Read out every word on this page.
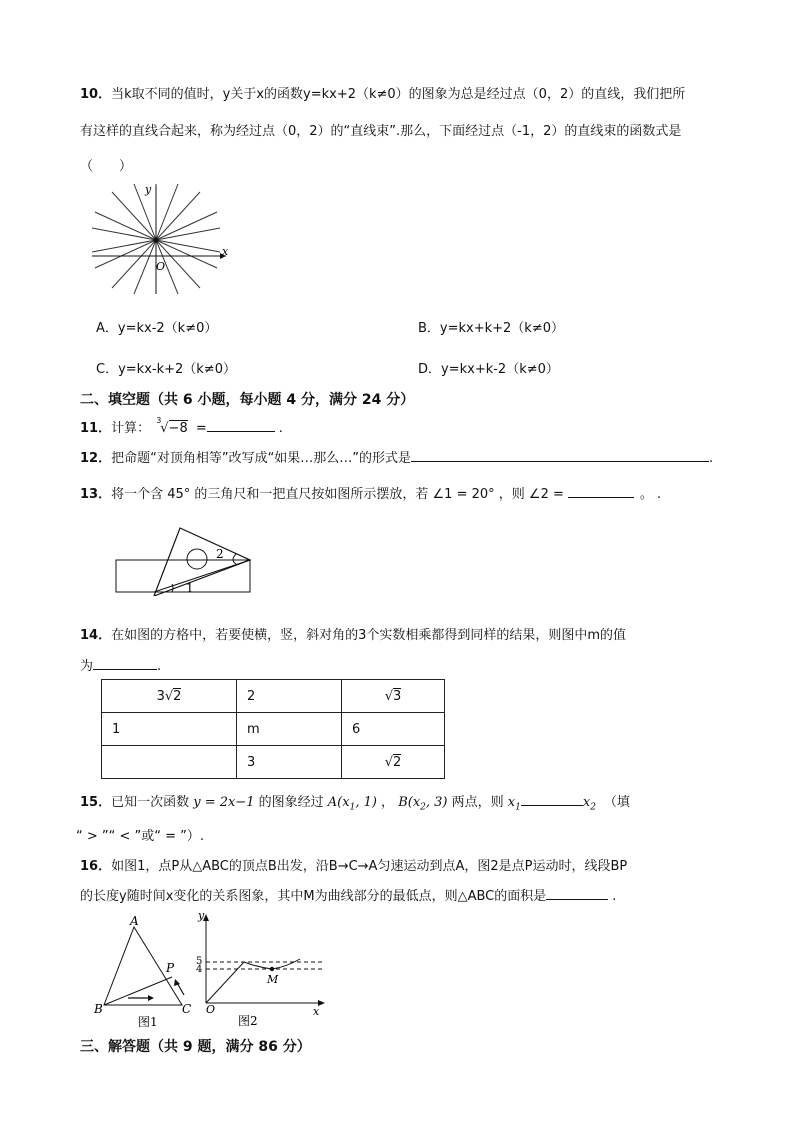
10．当k取不同的值时，y关于x的函数y=kx+2（k≠0）的图象为总是经过点（0，2）的直线，我们把所
有这样的直线合起来，称为经过点（0，2）的“直线束”.那么，下面经过点（-1，2）的直线束的函数式是
（　　）
x
y
O
A．y=kx-2（k≠0）	B．y=kx+k+2（k≠0）
C．y=kx-k+2（k≠0）	D．y=kx+k-2（k≠0）
二、填空题（共 6 小题，每小题 4 分，满分 24 分）
11．计算：
3
√−8 =	.
12．把命题“对顶角相等”改写成“如果…那么…”的形式是	.
13．将一个含 45° 的三角尺和一把直尺按如图所示摆放，若 ∠1 = 20° ，则 ∠2 =	。 .
2
1
14．在如图的方格中，若要使横，竖，斜对角的3个实数相乘都得到同样的结果，则图中m的值
为	.
3√2	2	√3
1	m	6
	3	√2
15．已知一次函数 y = 2x−1 的图象经过 $A(x_1$, 1) ， $B(x_2$, 3) 两点，则 $x_1$	$x_2$ （填
“ > ”“ < ”或“ = ”）.
16．如图1，点P从△ABC的顶点B出发，沿B→C→A匀速运动到点A，图2是点P运动时，线段BP
的长度y随时间x变化的关系图象，其中M为曲线部分的最低点，则△ABC的面积是	.
A
B	C
P
图1
M
5
4
y
O	x
图2
三、解答题（共 9 题，满分 86 分）
